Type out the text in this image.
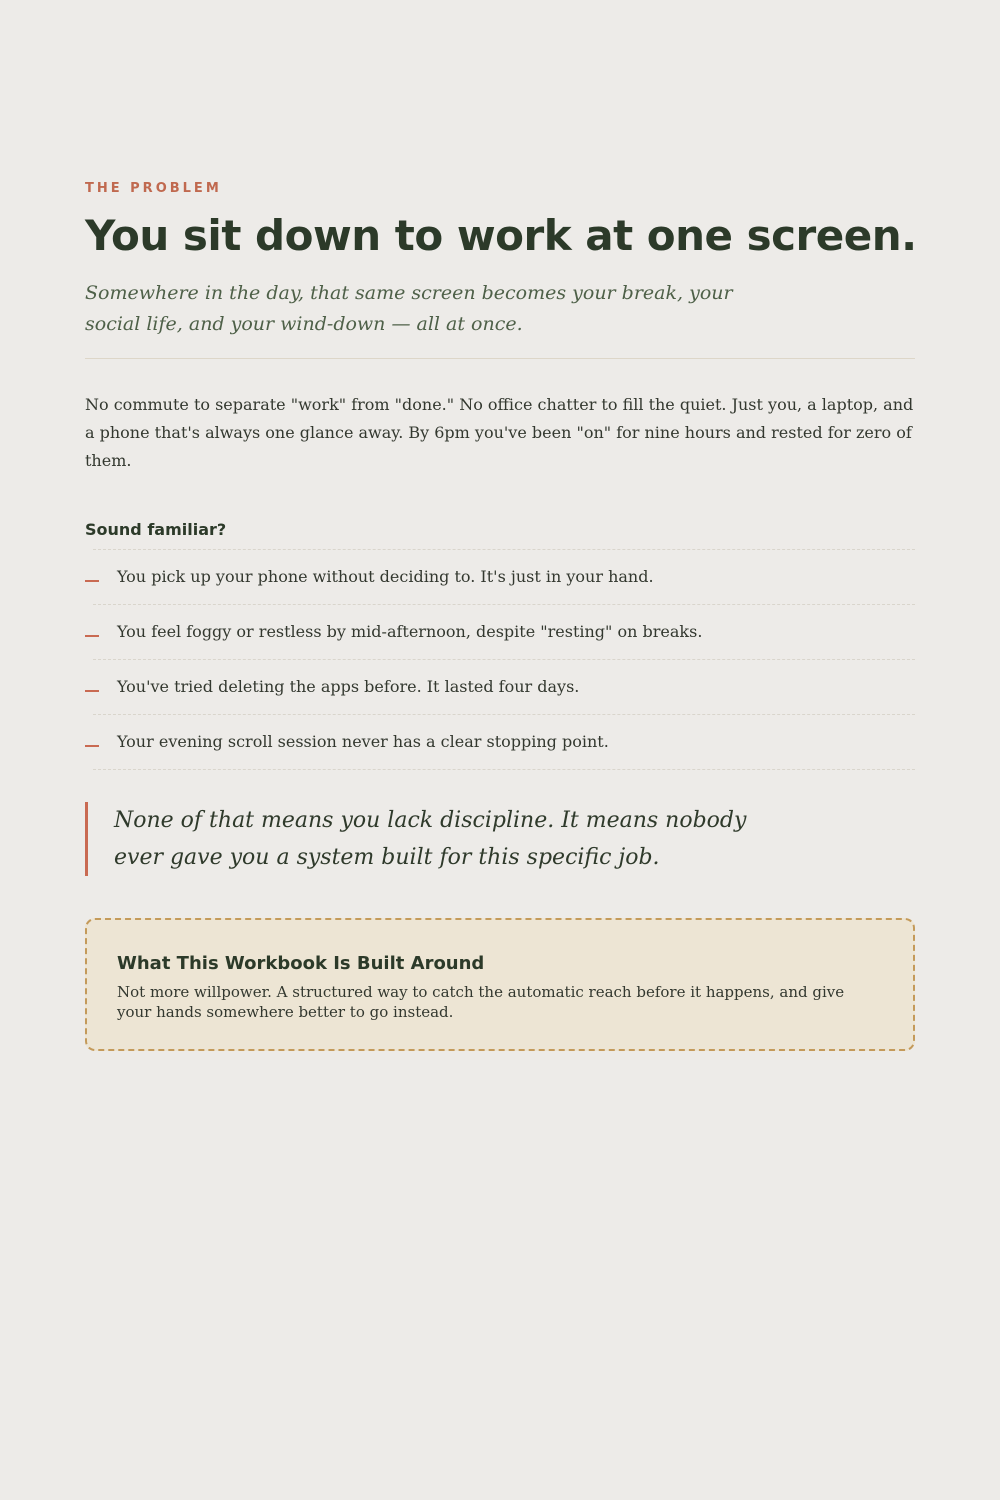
THE PROBLEM
You sit down to work at one screen.

Somewhere in the day, that same screen becomes your break, your social life, and your wind-down — all at once.

No commute to separate "work" from "done." No office chatter to fill the quiet. Just you, a laptop, and a phone that's always one glance away. By 6pm you've been "on" for nine hours and rested for zero of them.

Sound familiar?
You pick up your phone without deciding to. It's just in your hand.
You feel foggy or restless by mid-afternoon, despite "resting" on breaks.
You've tried deleting the apps before. It lasted four days.
Your evening scroll session never has a clear stopping point.
None of that means you lack discipline. It means nobody ever gave you a system built for this specific job.
What This Workbook Is Built Around

Not more willpower. A structured way to catch the automatic reach before it happens, and give your hands somewhere better to go instead.
